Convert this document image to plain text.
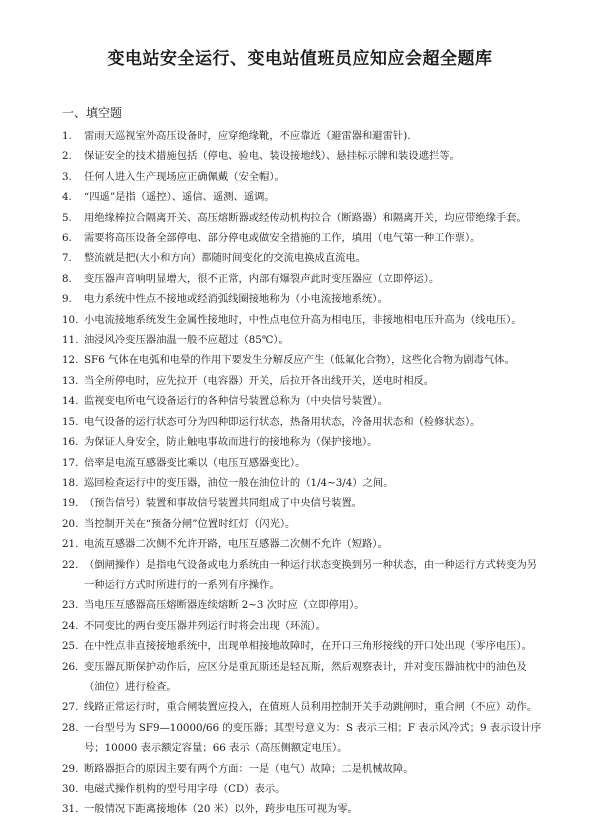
变电站安全运行、变电站值班员应知应会超全题库
一、填空题
1.	雷雨天巡视室外高压设备时，应穿绝缘靴，不应靠近（避雷器和避雷针).
2.	保证安全的技术措施包括（停电、验电、装设接地线）、悬挂标示牌和装设遮拦等。
3.	任何人进入生产现场应正确佩戴（安全帽）。
4.	“四遥”是指（遥控）、遥信、遥测、遥调。
5.	用绝缘棒拉合隔离开关、高压熔断器或经传动机构拉合（断路器）和隔离开关，均应带绝缘手套。
6.	需要将高压设备全部停电、部分停电或做安全措施的工作，填用（电气第一种工作票）。
7.	整流就是把(大小和方向）都随时间变化的交流电换成直流电。
8.	变压器声音响明显增大，很不正常，内部有爆裂声此时变压器应（立即停运）。
9.	电力系统中性点不接地或经消弧线圈接地称为（小电流接地系统）。
10. 小电流接地系统发生金属性接地时，中性点电位升高为相电压，非接地相电压升高为（线电压）。
11. 油浸风冷变压器油温一般不应超过（85℃）。
12. SF6 气体在电弧和电晕的作用下要发生分解反应产生（低氟化合物），这些化合物为剧毒气体。
13. 当全所停电时，应先拉开（电容器）开关，后拉开各出线开关，送电时相反。
14. 监视变电所电气设备运行的各种信号装置总称为（中央信号装置）。
15. 电气设备的运行状态可分为四种即运行状态，热备用状态，冷备用状态和（检修状态）。
16. 为保证人身安全，防止触电事故而进行的接地称为（保护接地）。
17. 倍率是电流互感器变比乘以（电压互感器变比）。
18. 巡回检查运行中的变压器，油位一般在油位计的（1/4~3/4）之间。
19. （预告信号）装置和事故信号装置共同组成了中央信号装置。
20. 当控制开关在“预备分闸”位置时红灯（闪光）。
21. 电流互感器二次侧不允许开路，电压互感器二次侧不允许（短路）。
22. （倒闸操作）是指电气设备或电力系统由一种运行状态变换到另一种状态，由一种运行方式转变为另一种运行方式时所进行的一系列有序操作。
23. 当电压互感器高压熔断器连续熔断 2~3 次时应（立即停用）。
24. 不同变比的两台变压器并列运行时将会出现（环流）。
25. 在中性点非直接接地系统中，出现单相接地故障时，在开口三角形接线的开口处出现（零序电压）。
26. 变压器瓦斯保护动作后，应区分是重瓦斯还是轻瓦斯，然后观察表计，并对变压器油枕中的油色及（油位）进行检查。
27. 线路正常运行时，重合闸装置应投入，在值班人员利用控制开关手动跳闸时，重合闸（不应）动作。
28. 一台型号为 SF9—10000/66 的变压器；其型号意义为：S 表示三相；F 表示风冷式；9 表示设计序号；10000 表示额定容量；66 表示（高压侧额定电压）。
29. 断路器拒合的原因主要有两个方面：一是（电气）故障；二是机械故障。
30. 电磁式操作机构的型号用字母（CD）表示。
31. 一般情况下距离接地体（20 米）以外，跨步电压可视为零。
